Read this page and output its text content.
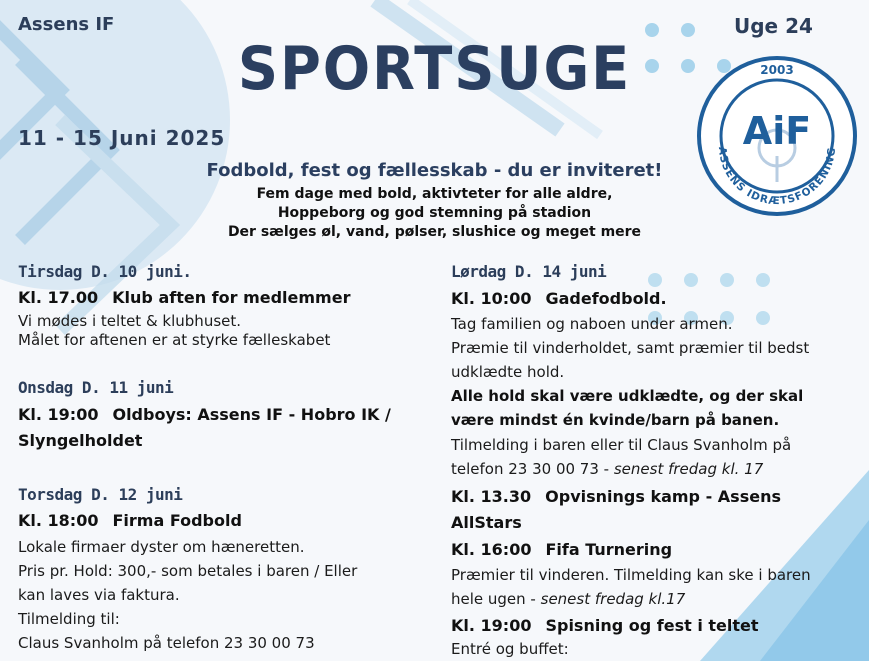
Assens IF	Uge 24
SPORTSUGE
11 - 15 Juni 2025
Fodbold, fest og fællesskab - du er inviteret!
Fem dage med bold, aktivteter for alle aldre,
Hoppeborg og god stemning på stadion
Der sælges øl, vand, pølser, slushice og meget mere
2003
AiF
ASSENS IDRÆTSFORENING
Tirsdag D. 10 juni.
Kl. 17.00 Klub aften for medlemmer
Vi mødes i teltet & klubhuset.
Målet for aftenen er at styrke fælleskabet
Onsdag D. 11 juni
Kl. 19:00 Oldboys: Assens IF - Hobro IK /
Slyngelholdet
Torsdag D. 12 juni
Kl. 18:00 Firma Fodbold
Lokale firmaer dyster om hæneretten.
Pris pr. Hold: 300,- som betales i baren / Eller
kan laves via faktura.
Tilmelding til:
Claus Svanholm på telefon 23 30 00 73
Lørdag D. 14 juni
Kl. 10:00 Gadefodbold.
Tag familien og naboen under armen.
Præmie til vinderholdet, samt præmier til bedst
udklædte hold.
Alle hold skal være udklædte, og der skal
være mindst én kvinde/barn på banen.
Tilmelding i baren eller til Claus Svanholm på
telefon 23 30 00 73 - senest fredag kl. 17
Kl. 13.30 Opvisnings kamp - Assens
AllStars
Kl. 16:00 Fifa Turnering
Præmier til vinderen. Tilmelding kan ske i baren
hele ugen - senest fredag kl.17
Kl. 19:00 Spisning og fest i teltet
Entré og buffet:
